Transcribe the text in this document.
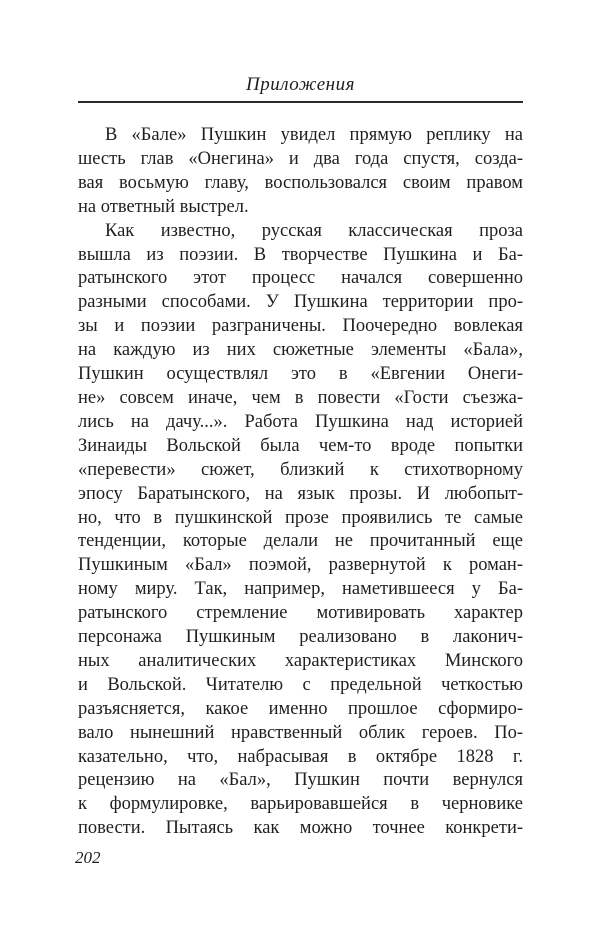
Приложения
В «Бале» Пушкин увидел прямую реплику на
шесть глав «Онегина» и два года спустя, созда-
вая восьмую главу, воспользовался своим правом
на ответный выстрел.
Как известно, русская классическая проза
вышла из поэзии. В творчестве Пушкина и Ба-
ратынского этот процесс начался совершенно
разными способами. У Пушкина территории про-
зы и поэзии разграничены. Поочередно вовлекая
на каждую из них сюжетные элементы «Бала»,
Пушкин осуществлял это в «Евгении Онеги-
не» совсем иначе, чем в повести «Гости съезжа-
лись на дачу...». Работа Пушкина над историей
Зинаиды Вольской была чем-то вроде попытки
«перевести» сюжет, близкий к стихотворному
эпосу Баратынского, на язык прозы. И любопыт-
но, что в пушкинской прозе проявились те самые
тенденции, которые делали не прочитанный еще
Пушкиным «Бал» поэмой, развернутой к роман-
ному миру. Так, например, наметившееся у Ба-
ратынского стремление мотивировать характер
персонажа Пушкиным реализовано в лаконич-
ных аналитических характеристиках Минского
и Вольской. Читателю с предельной четкостью
разъясняется, какое именно прошлое сформиро-
вало нынешний нравственный облик героев. По-
казательно, что, набрасывая в октябре 1828 г.
рецензию на «Бал», Пушкин почти вернулся
к формулировке, варьировавшейся в черновике
повести. Пытаясь как можно точнее конкрети-
202
